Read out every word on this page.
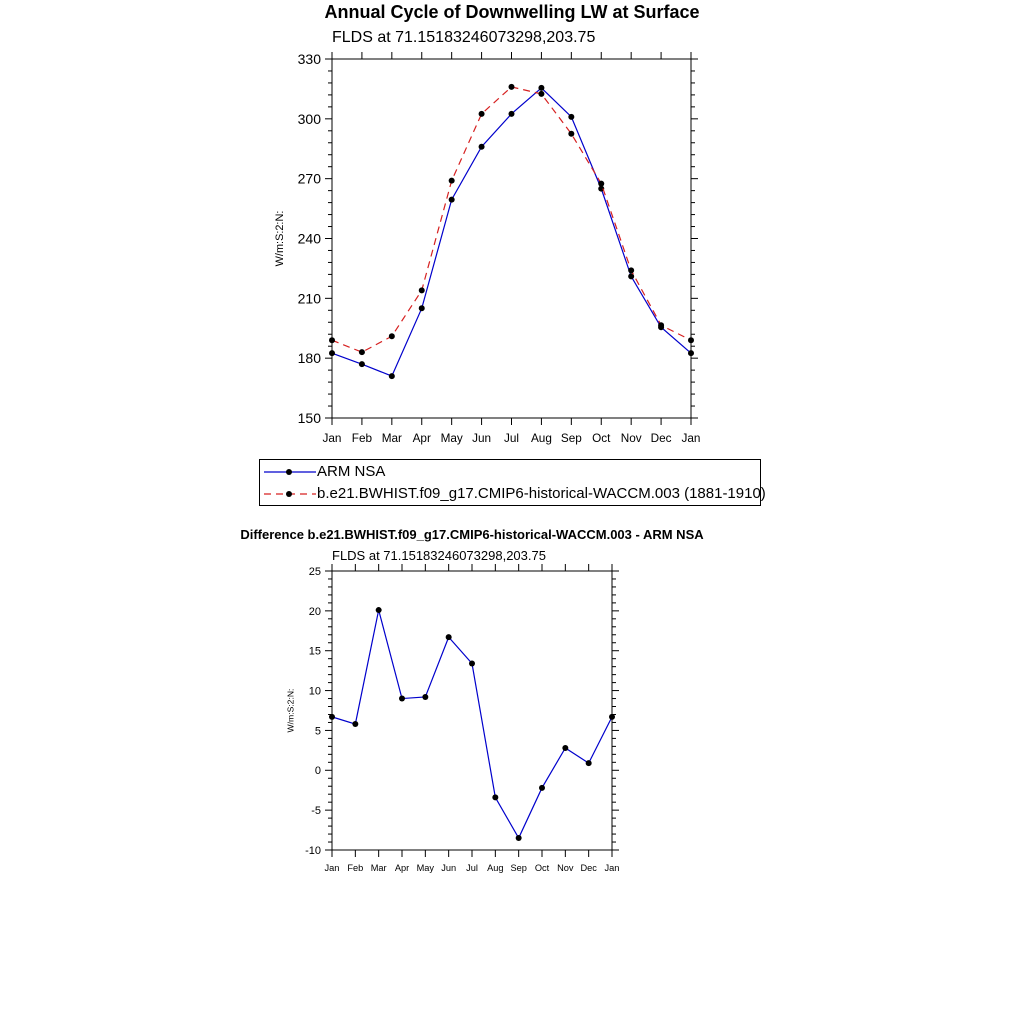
Annual Cycle of Downwelling LW at Surface
FLDS at 71.15183246073298,203.75
Difference b.e21.BWHIST.f09_g17.CMIP6-historical-WACCM.003 - ARM NSA
FLDS at 71.15183246073298,203.75
150
180
210
240
270
300
330
Jan Feb Mar Apr May Jun Jul Aug Sep Oct Nov Dec Jan
W/m:S:2:N:
-10
-5
0
5
10
15
20
25
Jan Feb Mar Apr May Jun Jul Aug Sep Oct Nov Dec Jan
W/m:S:2:N:
ARM NSA
b.e21.BWHIST.f09_g17.CMIP6-historical-WACCM.003 (1881-1910)
